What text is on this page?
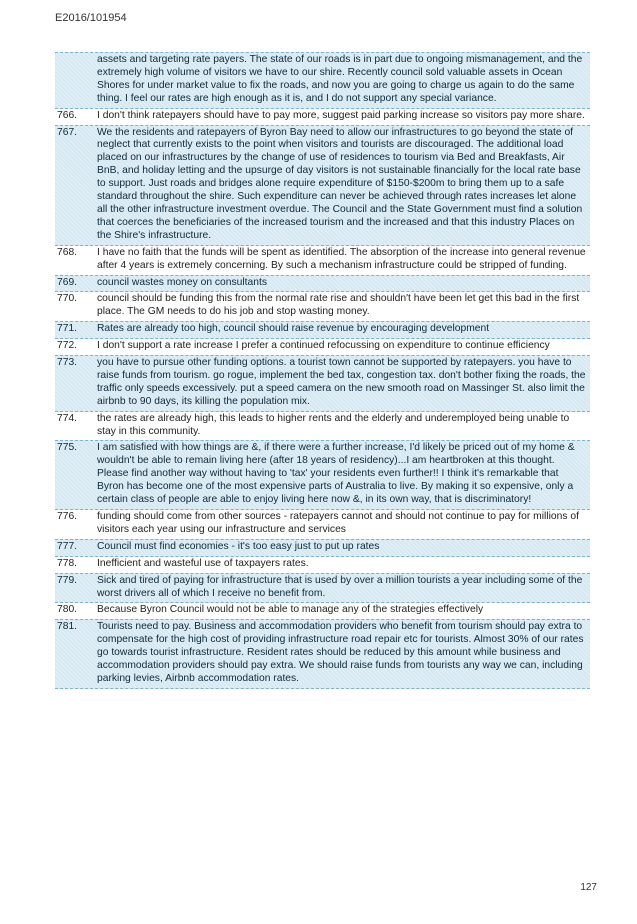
E2016/101954
assets and targeting rate payers. The state of our roads is in part due to ongoing mismanagement, and the extremely high volume of visitors we have to our shire. Recently council sold valuable assets in Ocean Shores for under market value to fix the roads, and now you are going to charge us again to do the same thing. I feel our rates are high enough as it is, and I do not support any special variance.
766.	I don't think ratepayers should have to pay more, suggest paid parking increase so visitors pay more share.
767.	We the residents and ratepayers of Byron Bay need to allow our infrastructures to go beyond the state of neglect that currently exists to the point when visitors and tourists are discouraged. The additional load placed on our infrastructures by the change of use of residences to tourism via Bed and Breakfasts, Air BnB, and holiday letting and the upsurge of day visitors is not sustainable financially for the local rate base to support. Just roads and bridges alone require expenditure of $150-$200m to bring them up to a safe standard throughout the shire. Such expenditure can never be achieved through rates increases let alone all the other infrastructure investment overdue. The Council and the State Government must find a solution that coerces the beneficiaries of the increased tourism and the increased and that this industry Places on the Shire's infrastructure.
768.	I have no faith that the funds will be spent as identified. The absorption of the increase into general revenue after 4 years is extremely concerning. By such a mechanism infrastructure could be stripped of funding.
769.	council wastes money on consultants
770.	council should be funding this from the normal rate rise and shouldn't have been let get this bad in the first place. The GM needs to do his job and stop wasting money.
771.	Rates are already too high, council should raise revenue by encouraging development
772.	I don't support a rate increase I prefer a continued refocussing on expenditure to continue efficiency
773.	you have to pursue other funding options. a tourist town cannot be supported by ratepayers. you have to raise funds from tourism. go rogue, implement the bed tax, congestion tax. don't bother fixing the roads, the traffic only speeds excessively. put a speed camera on the new smooth road on Massinger St. also limit the airbnb to 90 days, its killing the population mix.
774.	the rates are already high, this leads to higher rents and the elderly and underemployed being unable to stay in this community.
775.	I am satisfied with how things are &, if there were a further increase, I'd likely be priced out of my home & wouldn't be able to remain living here (after 18 years of residency)...I am heartbroken at this thought. Please find another way without having to 'tax' your residents even further!! I think it's remarkable that Byron has become one of the most expensive parts of Australia to live. By making it so expensive, only a certain class of people are able to enjoy living here now &, in its own way, that is discriminatory!
776.	funding should come from other sources - ratepayers cannot and should not continue to pay for millions of visitors each year using our infrastructure and services
777.	Council must find economies - it's too easy just to put up rates
778.	Inefficient and wasteful use of taxpayers rates.
779.	Sick and tired of paying for infrastructure that is used by over a million tourists a year including some of the worst drivers all of which I receive no benefit from.
780.	Because Byron Council would not be able to manage any of the strategies effectively
781.	Tourists need to pay. Business and accommodation providers who benefit from tourism should pay extra to compensate for the high cost of providing infrastructure road repair etc for tourists. Almost 30% of our rates go towards tourist infrastructure. Resident rates should be reduced by this amount while business and accommodation providers should pay extra. We should raise funds from tourists any way we can, including parking levies, Airbnb accommodation rates.
127
